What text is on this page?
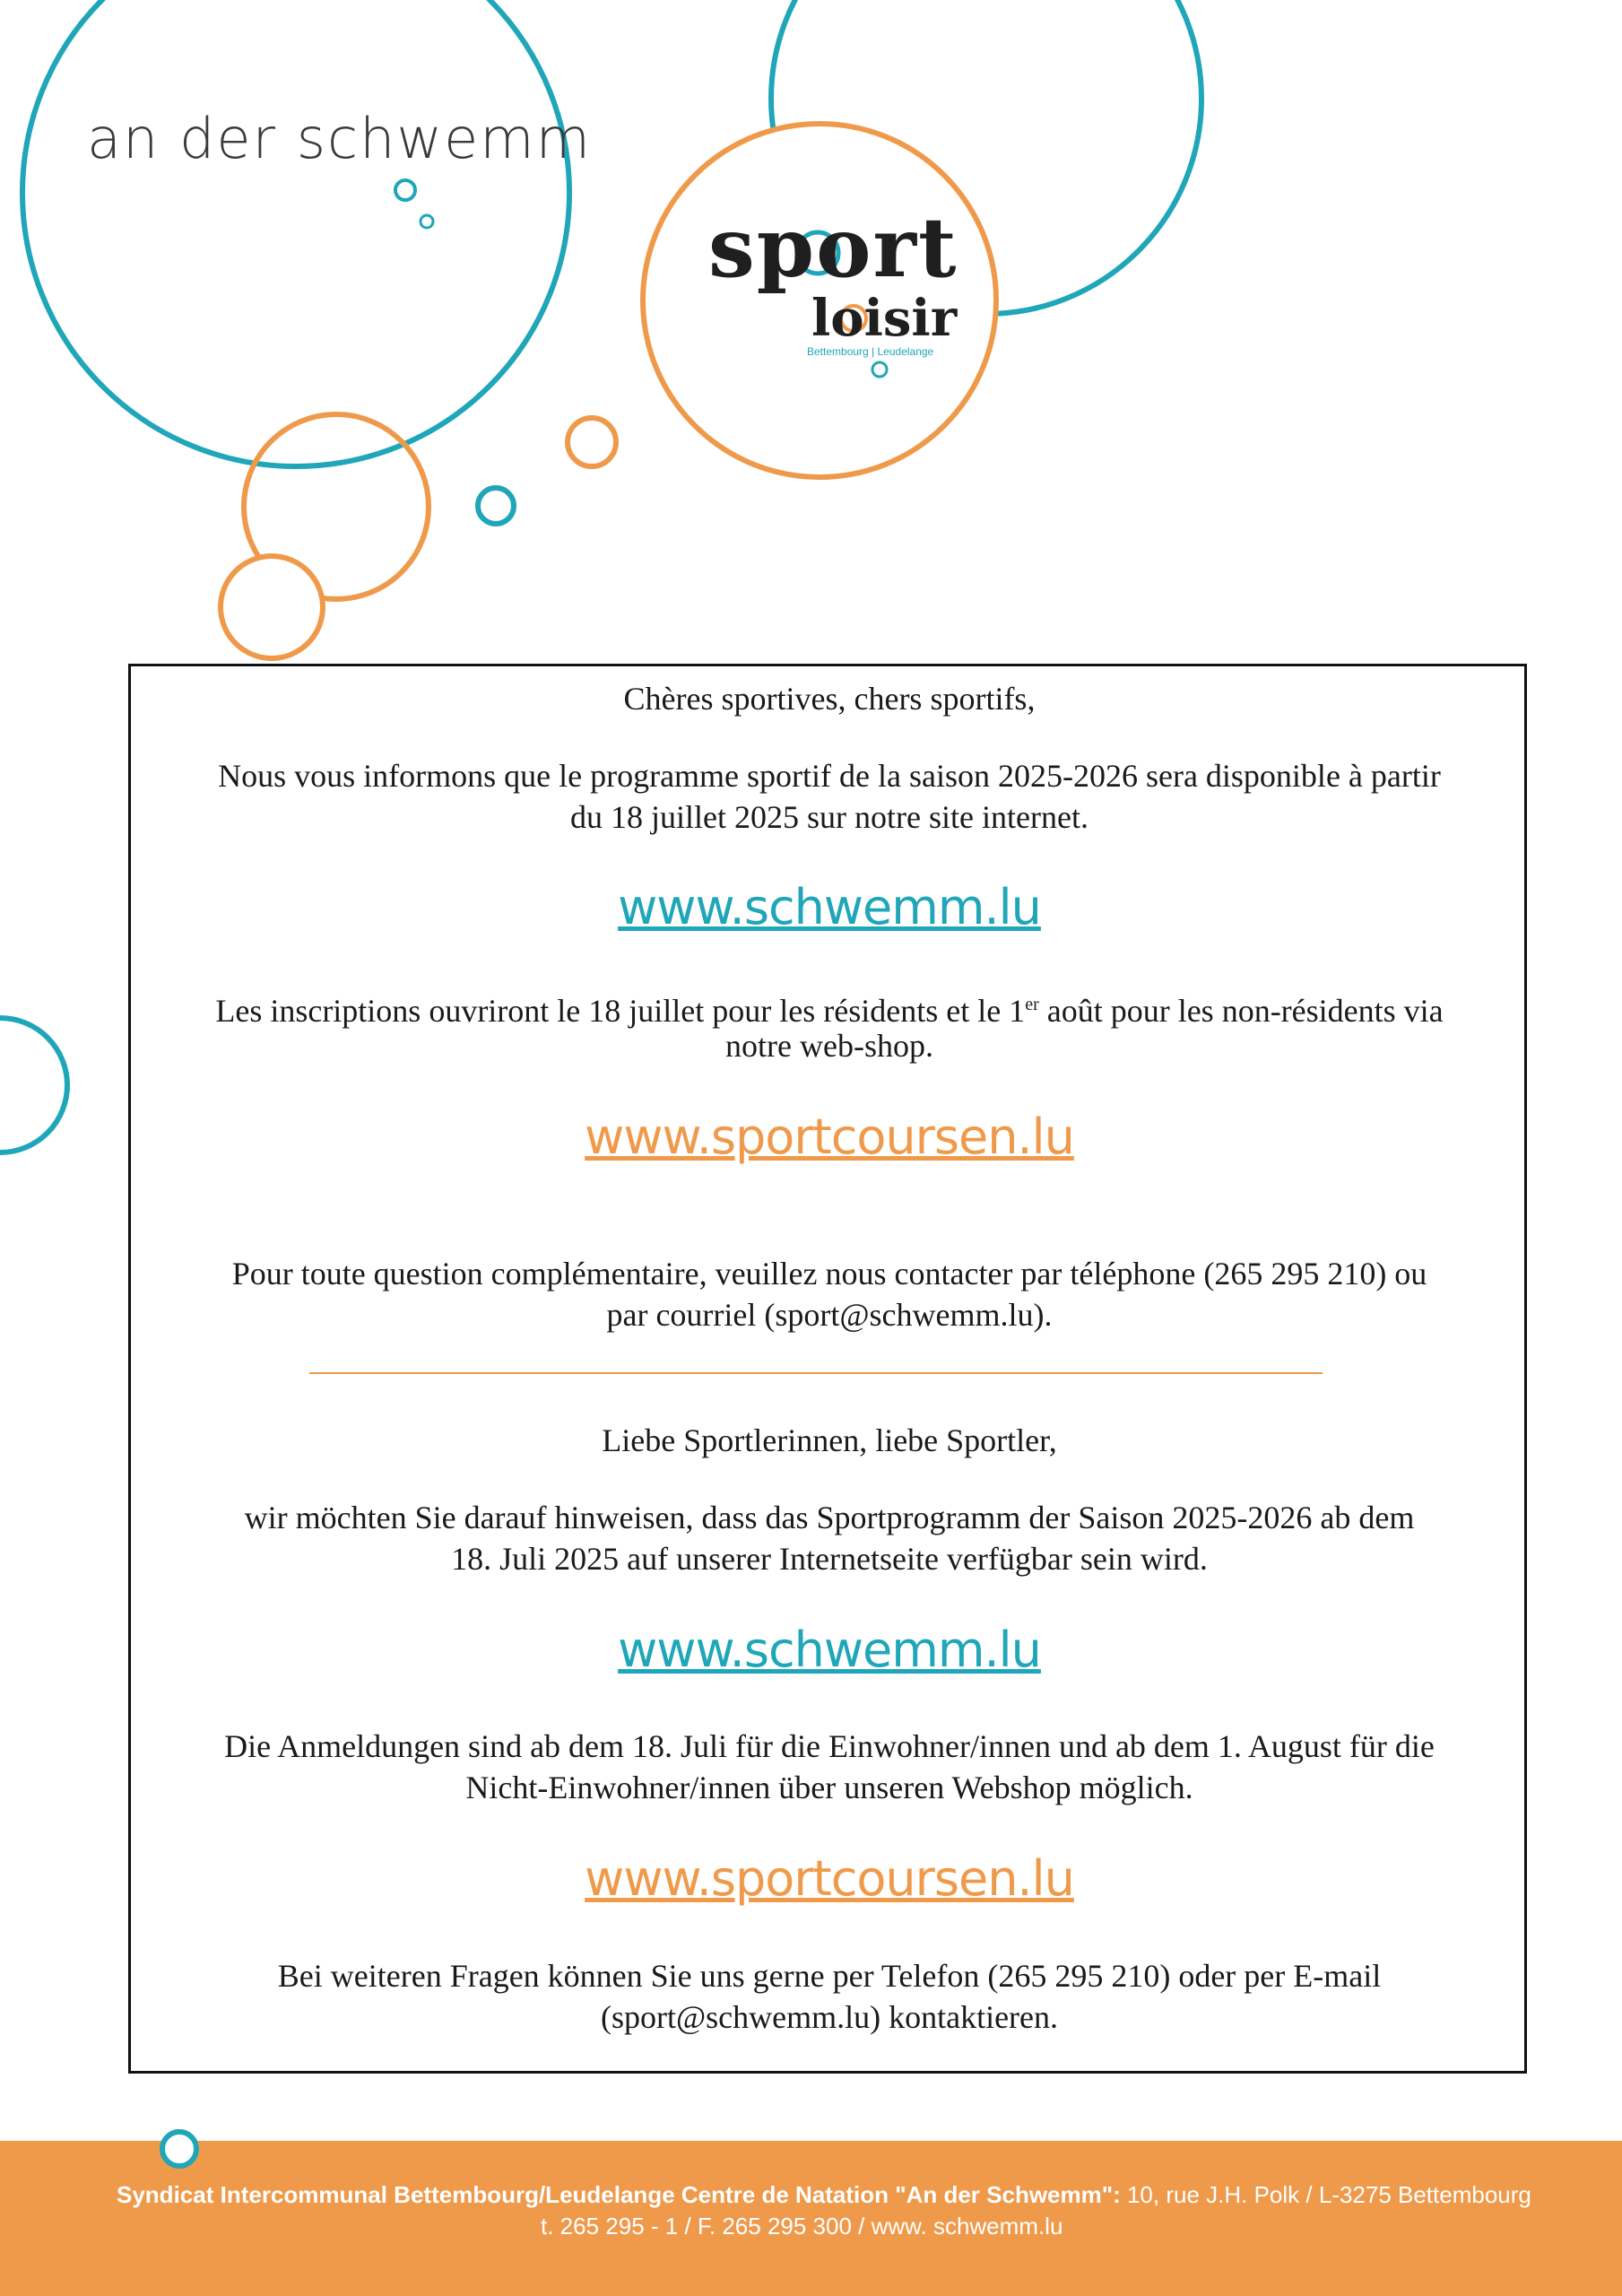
an der schwemm
sport
loisir
Bettembourg | Leudelange

Chères sportives, chers sportifs,

Nous vous informons que le programme sportif de la saison 2025-2026 sera disponible à partir

du 18 juillet 2025 sur notre site internet.

www.schwemm.lu

Les inscriptions ouvriront le 18 juillet pour les résidents et le 1er août pour les non-résidents via

notre web-shop.

www.sportcoursen.lu

Pour toute question complémentaire, veuillez nous contacter par téléphone (265 295 210) ou

par courriel (sport@schwemm.lu).

Liebe Sportlerinnen, liebe Sportler,

wir möchten Sie darauf hinweisen, dass das Sportprogramm der Saison 2025-2026 ab dem

18. Juli 2025 auf unserer Internetseite verfügbar sein wird.

www.schwemm.lu

Die Anmeldungen sind ab dem 18. Juli für die Einwohner/innen und ab dem 1. August für die

Nicht-Einwohner/innen über unseren Webshop möglich.

www.sportcoursen.lu

Bei weiteren Fragen können Sie uns gerne per Telefon (265 295 210) oder per E-mail

(sport@schwemm.lu) kontaktieren.

Syndicat Intercommunal Bettembourg/Leudelange Centre de Natation "An der Schwemm": 10, rue J.H. Polk / L-3275 Bettembourg
t. 265 295 - 1 / F. 265 295 300 / www. schwemm.lu
